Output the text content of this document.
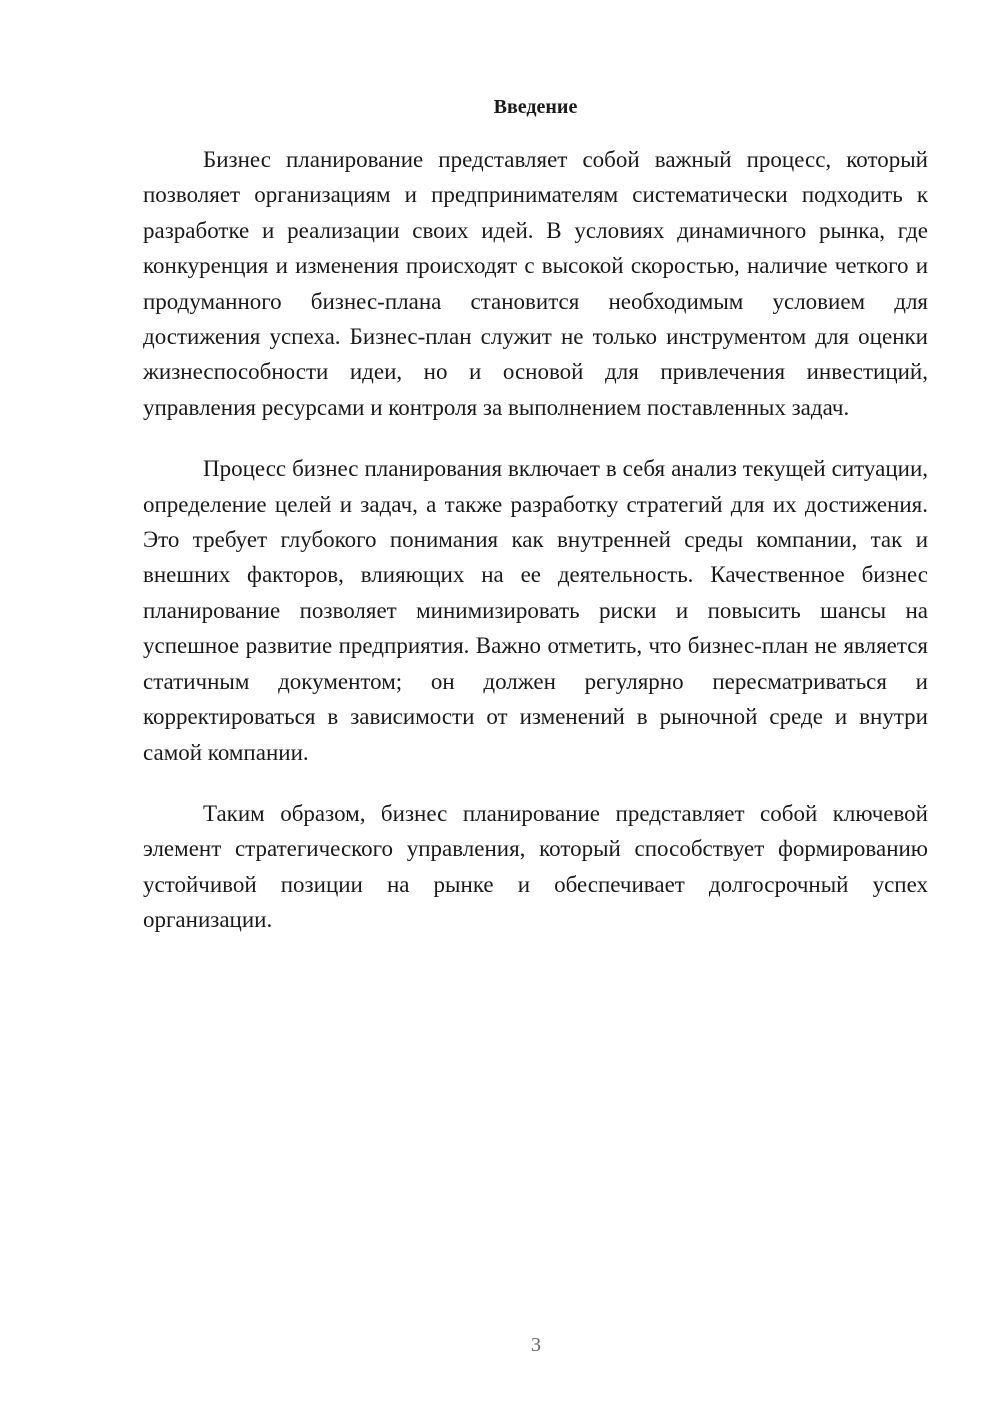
Введение

Бизнес планирование представляет собой важный процесс, который позволяет организациям и предпринимателям систематически подходить к разработке и реализации своих идей. В условиях динамичного рынка, где конкуренция и изменения происходят с высокой скоростью, наличие четкого и продуманного бизнес-плана становится необходимым условием для достижения успеха. Бизнес-план служит не только инструментом для оценки жизнеспособности идеи, но и основой для привлечения инвестиций, управления ресурсами и контроля за выполнением поставленных задач.

Процесс бизнес планирования включает в себя анализ текущей ситуации, определение целей и задач, а также разработку стратегий для их достижения. Это требует глубокого понимания как внутренней среды компании, так и внешних факторов, влияющих на ее деятельность. Качественное бизнес планирование позволяет минимизировать риски и повысить шансы на успешное развитие предприятия. Важно отметить, что бизнес-план не является статичным документом; он должен регулярно пересматриваться и корректироваться в зависимости от изменений в рыночной среде и внутри самой компании.

Таким образом, бизнес планирование представляет собой ключевой элемент стратегического управления, который способствует формированию устойчивой позиции на рынке и обеспечивает долгосрочный успех организации.

3
